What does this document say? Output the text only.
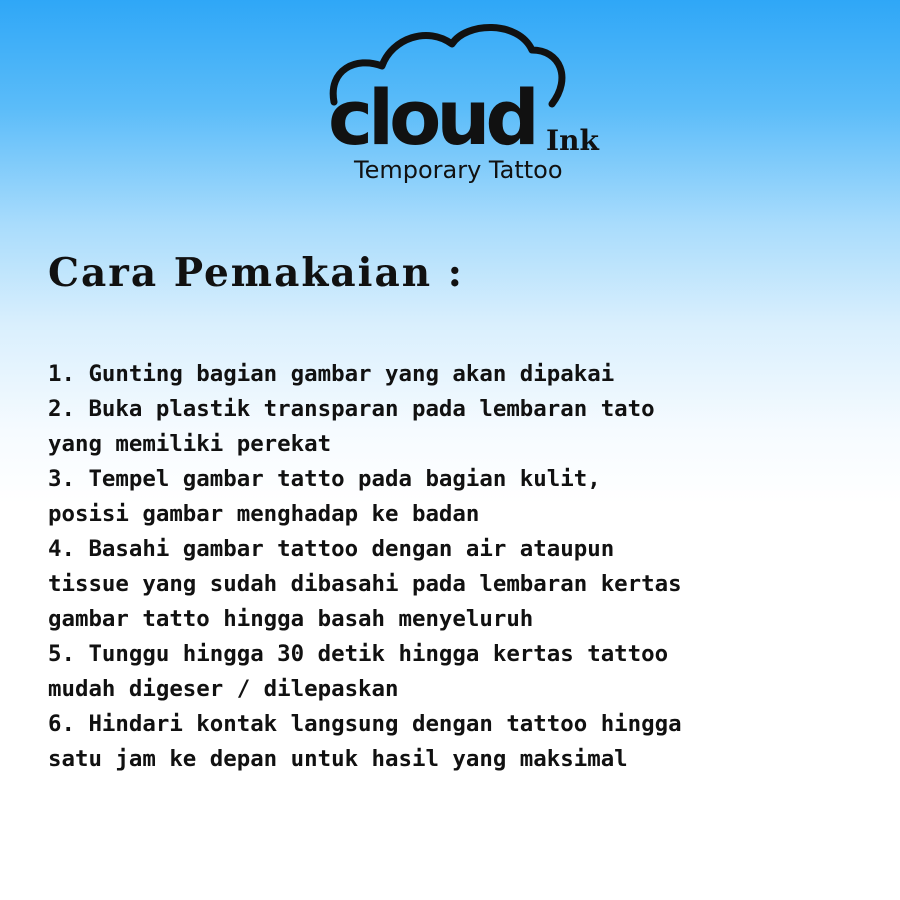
cloud Ink
Temporary Tattoo
Cara Pemakaian :
1. Gunting bagian gambar yang akan dipakai
2. Buka plastik transparan pada lembaran tato
yang memiliki perekat
3. Tempel gambar tatto pada bagian kulit,
posisi gambar menghadap ke badan
4. Basahi gambar tattoo dengan air ataupun
tissue yang sudah dibasahi pada lembaran kertas
gambar tatto hingga basah menyeluruh
5. Tunggu hingga 30 detik hingga kertas tattoo
mudah digeser / dilepaskan
6. Hindari kontak langsung dengan tattoo hingga
satu jam ke depan untuk hasil yang maksimal
